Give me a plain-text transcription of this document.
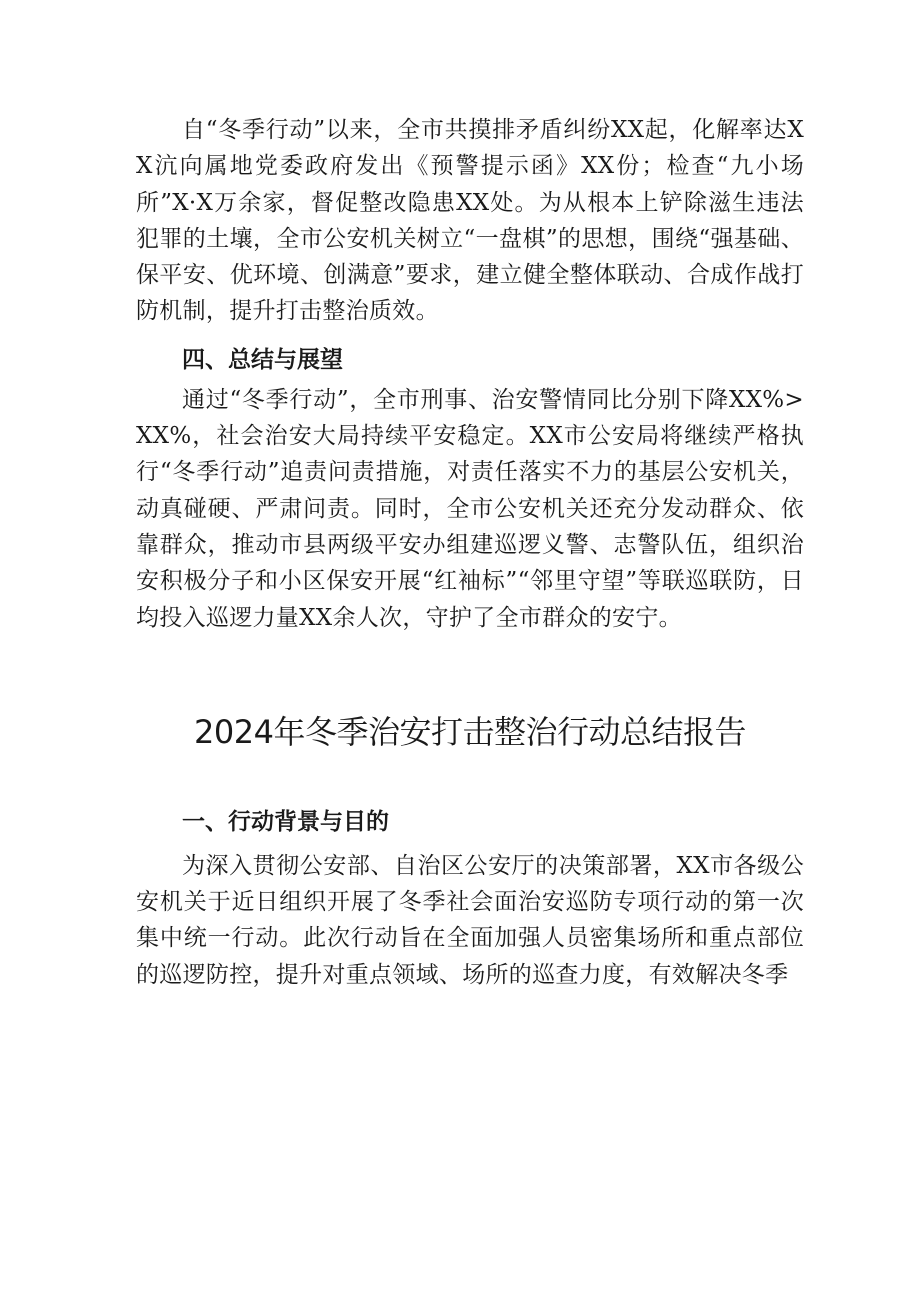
自“冬季行动”以来，全市共摸排矛盾纠纷XX起，化解率达XX沆向属地党委政府发出《预警提示函》XX份；检查“九小场所”X·X万余家，督促整改隐患XX处。为从根本上铲除滋生违法犯罪的土壤，全市公安机关树立“一盘棋”的思想，围绕“强基础、保平安、优环境、创满意”要求，建立健全整体联动、合成作战打防机制，提升打击整治质效。

四、总结与展望

通过“冬季行动”，全市刑事、治安警情同比分别下降XX%>XX%，社会治安大局持续平安稳定。XX市公安局将继续严格执行“冬季行动”追责问责措施，对责任落实不力的基层公安机关，动真碰硬、严肃问责。同时，全市公安机关还充分发动群众、依靠群众，推动市县两级平安办组建巡逻义警、志警队伍，组织治安积极分子和小区保安开展“红袖标”“邻里守望”等联巡联防，日均投入巡逻力量XX余人次，守护了全市群众的安宁。

2024年冬季治安打击整治行动总结报告
一、行动背景与目的

为深入贯彻公安部、自治区公安厅的决策部署，XX市各级公安机关于近日组织开展了冬季社会面治安巡防专项行动的第一次集中统一行动。此次行动旨在全面加强人员密集场所和重点部位的巡逻防控，提升对重点领域、场所的巡查力度，有效解决冬季
